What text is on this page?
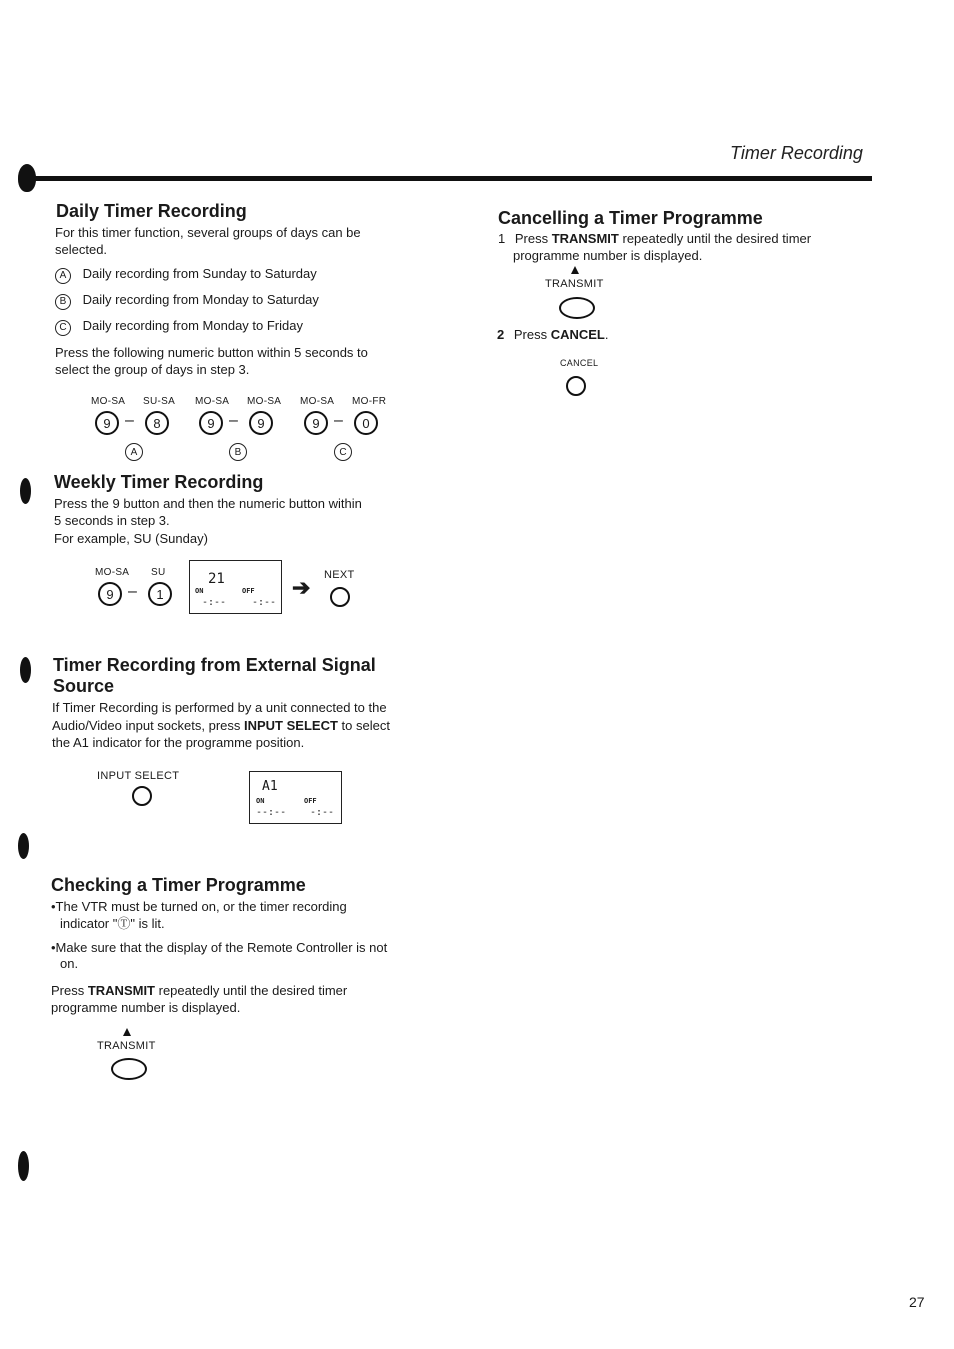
Timer Recording
Daily Timer Recording
For this timer function, several groups of days can be selected.
A Daily recording from Sunday to Saturday
B Daily recording from Monday to Saturday
C Daily recording from Monday to Friday
Press the following numeric button within 5 seconds to select the group of days in step 3.
MO-SA SU-SA
9 –	8
A
MO-SA MO-SA
9 –	9
B
MO-SA MO-FR
9 –	0
C
Weekly Timer Recording
Press the 9 button and then the numeric button within
5 seconds in step 3.
For example, SU (Sunday)
MO-SA SU
9 –	1
21
ON	OFF
-:--	-:--
➔ NEXT
Timer Recording from External Signal
Source
If Timer Recording is performed by a unit connected to the
Audio/Video input sockets, press INPUT SELECT to select
the A1 indicator for the programme position.
INPUT SELECT
A1
ON	OFF
--:-- -:--
Checking a Timer Programme
•The VTR must be turned on, or the timer recording
indicator "Ⓣ" is lit.
•Make sure that the display of the Remote Controller is not
on.
Press TRANSMIT repeatedly until the desired timer
programme number is displayed.
TRANSMIT
Cancelling a Timer Programme
1 Press TRANSMIT repeatedly until the desired timer
programme number is displayed.
TRANSMIT
2 Press CANCEL.
CANCEL
27
